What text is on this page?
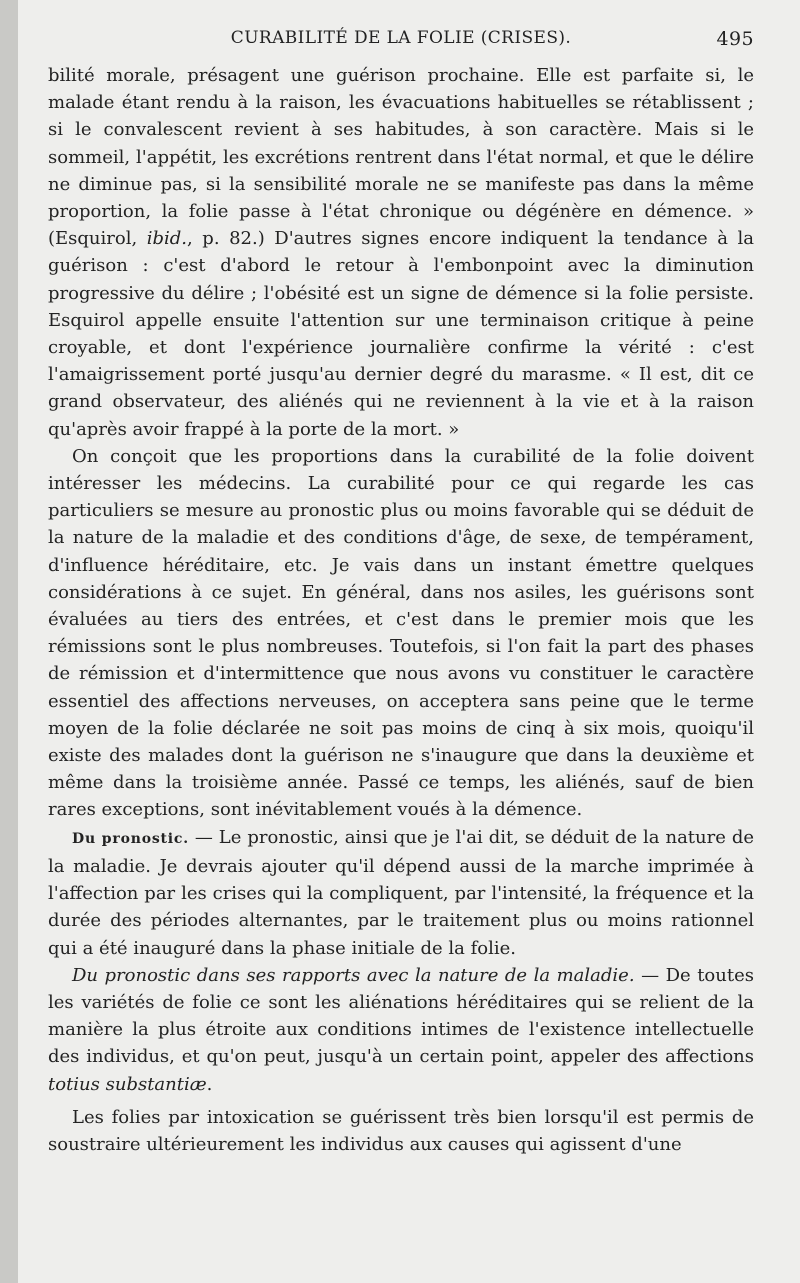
CURABILITÉ DE LA FOLIE (CRISES).	495

bilité morale, présagent une guérison prochaine. Elle est parfaite si, le malade étant rendu à la raison, les évacuations habituelles se rétablissent ; si le convalescent revient à ses habitudes, à son caractère. Mais si le sommeil, l'appétit, les excrétions rentrent dans l'état normal, et que le délire ne diminue pas, si la sensibilité morale ne se manifeste pas dans la même proportion, la folie passe à l'état chronique ou dégénère en démence. » (Esquirol, ibid., p. 82.) D'autres signes encore indiquent la tendance à la guérison : c'est d'abord le retour à l'embonpoint avec la diminution progressive du délire ; l'obésité est un signe de démence si la folie persiste. Esquirol appelle ensuite l'attention sur une terminaison critique à peine croyable, et dont l'expérience journalière confirme la vérité : c'est l'amaigrissement porté jusqu'au dernier degré du marasme. « Il est, dit ce grand observateur, des aliénés qui ne reviennent à la vie et à la raison qu'après avoir frappé à la porte de la mort. »

On conçoit que les proportions dans la curabilité de la folie doivent intéresser les médecins. La curabilité pour ce qui regarde les cas particuliers se mesure au pronostic plus ou moins favorable qui se déduit de la nature de la maladie et des conditions d'âge, de sexe, de tempérament, d'influence héréditaire, etc. Je vais dans un instant émettre quelques considérations à ce sujet. En général, dans nos asiles, les guérisons sont évaluées au tiers des entrées, et c'est dans le premier mois que les rémissions sont le plus nombreuses. Toutefois, si l'on fait la part des phases de rémission et d'intermittence que nous avons vu constituer le caractère essentiel des affections nerveuses, on acceptera sans peine que le terme moyen de la folie déclarée ne soit pas moins de cinq à six mois, quoiqu'il existe des malades dont la guérison ne s'inaugure que dans la deuxième et même dans la troisième année. Passé ce temps, les aliénés, sauf de bien rares exceptions, sont inévitablement voués à la démence.

Du pronostic. — Le pronostic, ainsi que je l'ai dit, se déduit de la nature de la maladie. Je devrais ajouter qu'il dépend aussi de la marche imprimée à l'affection par les crises qui la compliquent, par l'intensité, la fréquence et la durée des périodes alternantes, par le traitement plus ou moins rationnel qui a été inauguré dans la phase initiale de la folie.

Du pronostic dans ses rapports avec la nature de la maladie. — De toutes les variétés de folie ce sont les aliénations héréditaires qui se relient de la manière la plus étroite aux conditions intimes de l'existence intellectuelle des individus, et qu'on peut, jusqu'à un certain point, appeler des affections totius substantiæ.

Les folies par intoxication se guérissent très bien lorsqu'il est permis de soustraire ultérieurement les individus aux causes qui agissent d'une
